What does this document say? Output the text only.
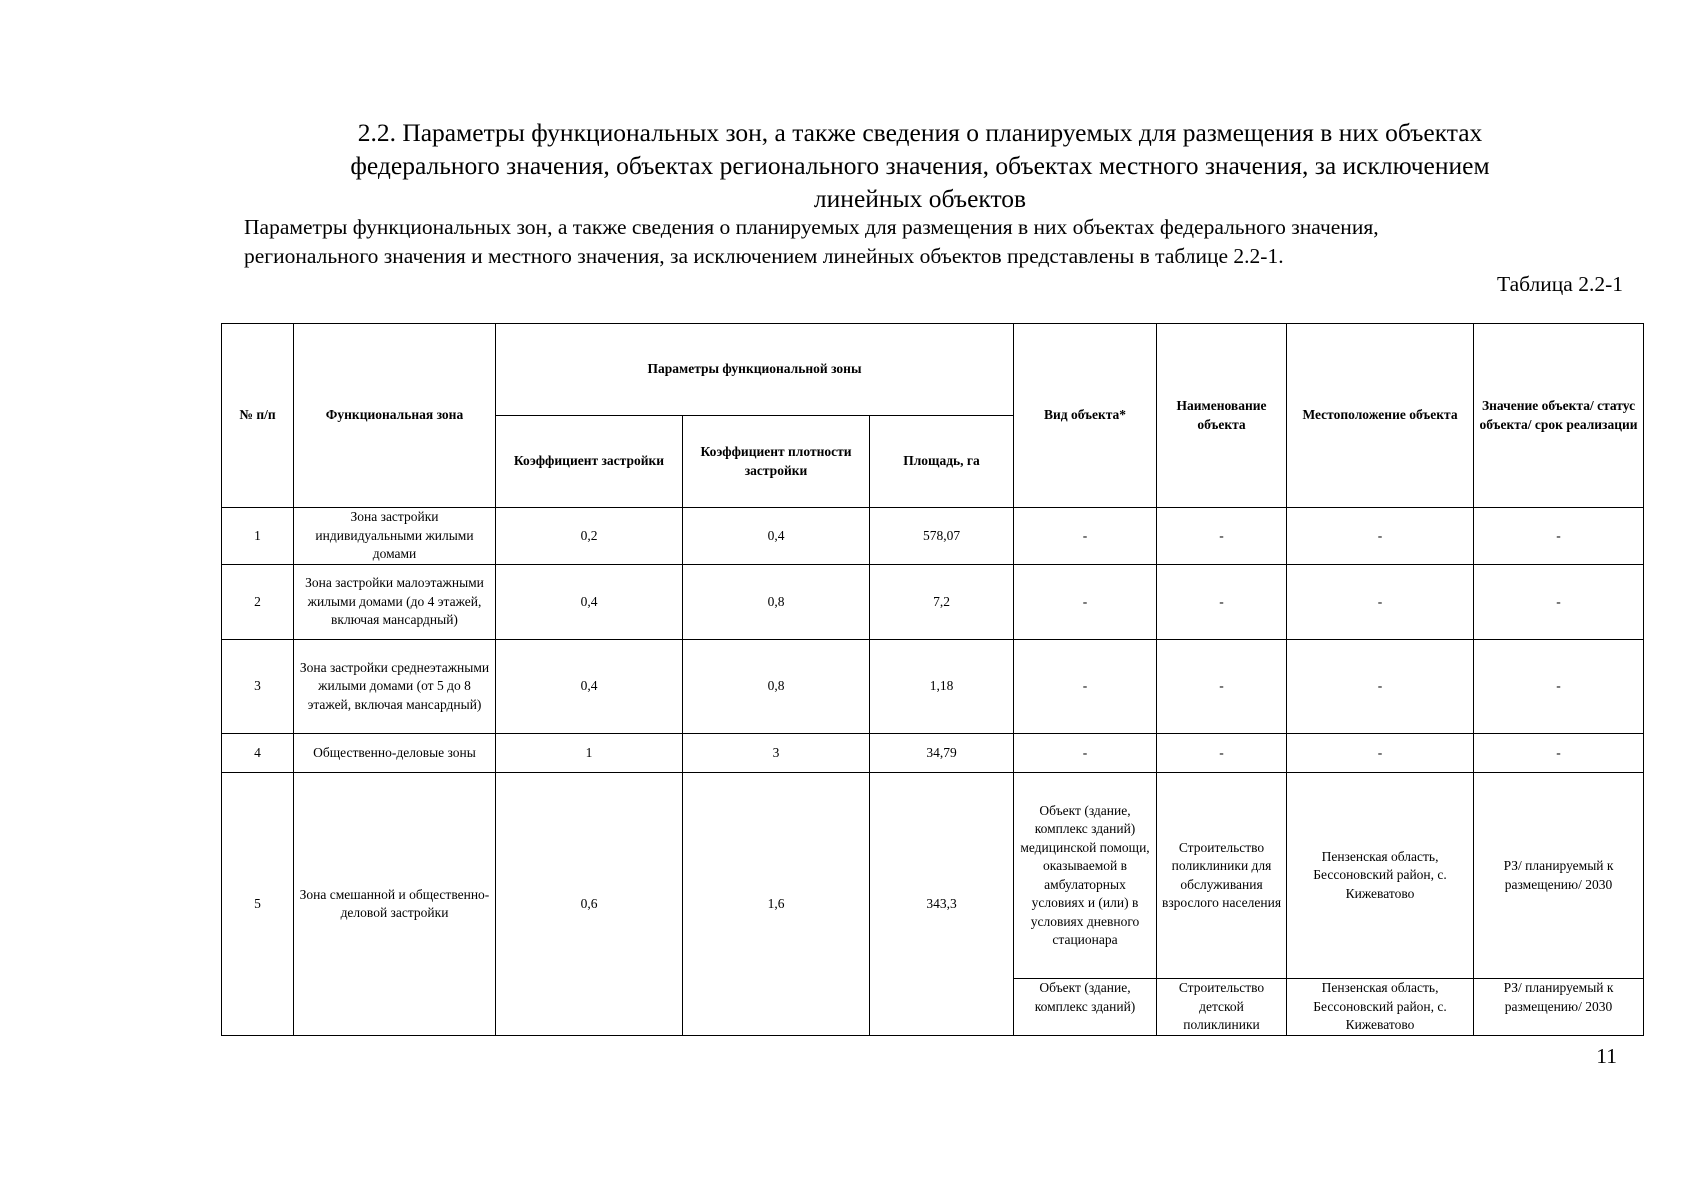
2.2. Параметры функциональных зон, а также сведения о планируемых для размещения в них объектах
федерального значения, объектах регионального значения, объектах местного значения, за исключением
линейных объектов
Параметры функциональных зон, а также сведения о планируемых для размещения в них объектах федерального значения,
регионального значения и местного значения, за исключением линейных объектов представлены в таблице 2.2-1.
Таблица 2.2-1
№ п/п	Функциональная зона	Параметры функциональной зоны			Вид объекта*	Наименование объекта	Местоположение объекта	Значение объекта/ статус объекта/ срок реализации
		Коэффициент застройки	Коэффициент плотности застройки	Площадь, га				
1	Зона застройки индивидуальными жилыми домами	0,2	0,4	578,07	-	-	-	-
2	Зона застройки малоэтажными жилыми домами (до 4 этажей, включая мансардный)	0,4	0,8	7,2	-	-	-	-
3	Зона застройки среднеэтажными жилыми домами (от 5 до 8 этажей, включая мансардный)	0,4	0,8	1,18	-	-	-	-
4	Общественно-деловые зоны	1	3	34,79	-	-	-	-
5	Зона смешанной и общественно-деловой застройки	0,6	1,6	343,3	Объект (здание, комплекс зданий) медицинской помощи, оказываемой в амбулаторных условиях и (или) в условиях дневного стационара	Строительство поликлиники для обслуживания взрослого населения	Пензенская область, Бессоновский район, с. Кижеватово	РЗ/ планируемый к размещению/ 2030
					Объект (здание, комплекс зданий)	Строительство детской поликлиники	Пензенская область, Бессоновский район, с. Кижеватово	РЗ/ планируемый к размещению/ 2030
11
